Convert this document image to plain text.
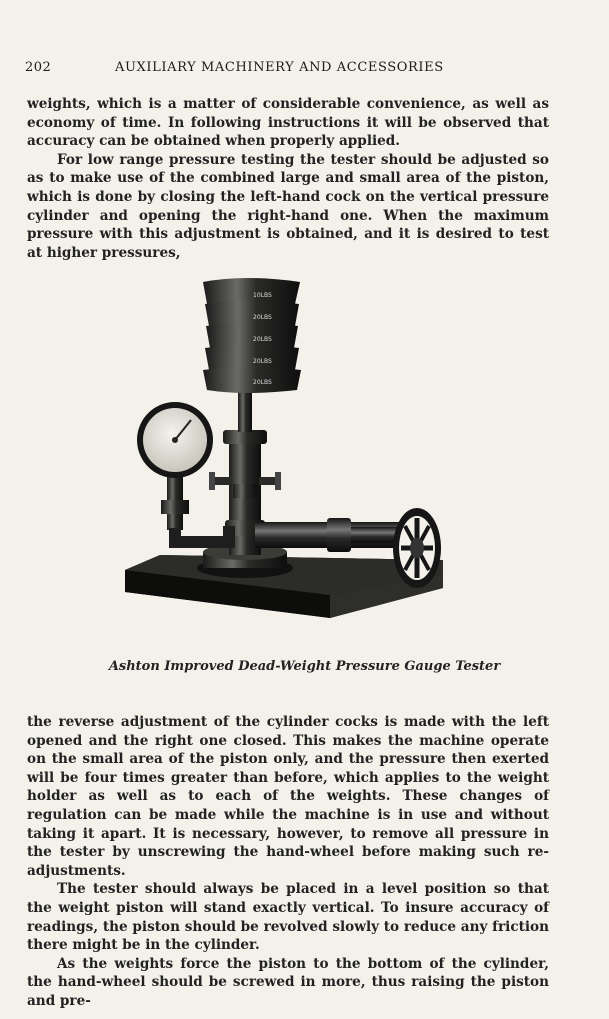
202	AUXILIARY MACHINERY AND ACCESSORIES

weights, which is a matter of considerable convenience, as well as economy of time. In following instructions it will be observed that accuracy can be obtained when properly applied.

For low range pressure testing the tester should be adjusted so as to make use of the combined large and small area of the piston, which is done by closing the left-hand cock on the vertical pressure cylinder and opening the right-hand one. When the maximum pressure with this adjustment is obtained, and it is desired to test at higher pressures,

10LBS
20LBS
20LBS
20LBS
20LBS
Ashton Improved Dead-Weight Pressure Gauge Tester

the reverse adjustment of the cylinder cocks is made with the left opened and the right one closed. This makes the machine operate on the small area of the piston only, and the pressure then exerted will be four times greater than before, which applies to the weight holder as well as to each of the weights. These changes of regulation can be made while the machine is in use and without taking it apart. It is necessary, however, to remove all pressure in the tester by unscrewing the hand-wheel before making such re-adjustments.

The tester should always be placed in a level position so that the weight piston will stand exactly vertical. To insure accuracy of readings, the piston should be revolved slowly to reduce any friction there might be in the cylinder.

As the weights force the piston to the bottom of the cylinder, the hand-wheel should be screwed in more, thus raising the piston and pre-
